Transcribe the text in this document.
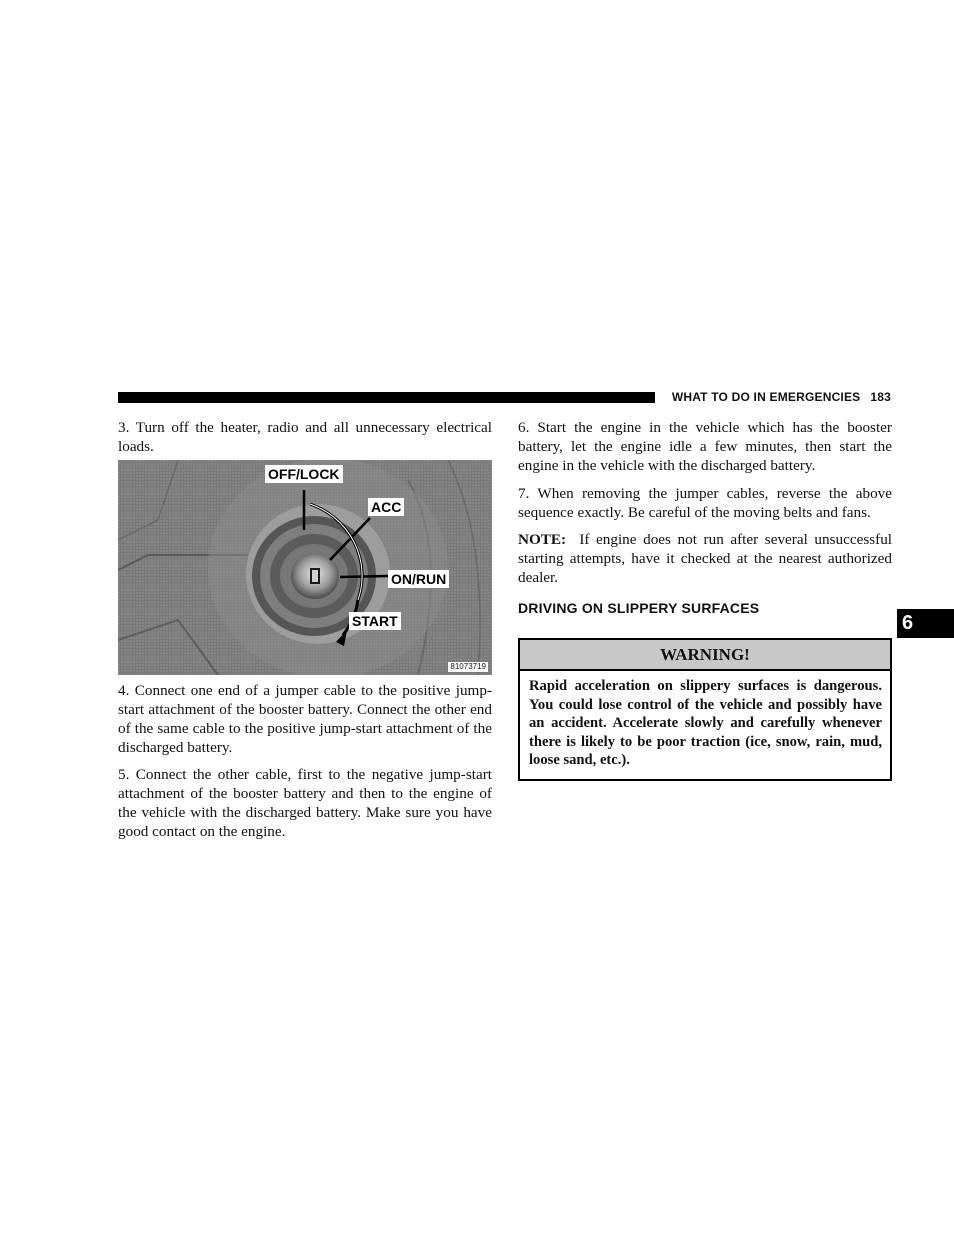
WHAT TO DO IN EMERGENCIES 183

3. Turn off the heater, radio and all unnecessary electrical loads.

OFF/LOCK
ACC
ON/RUN
START
81073719

4. Connect one end of a jumper cable to the positive jump-start attachment of the booster battery. Connect the other end of the same cable to the positive jump-start attachment of the discharged battery.

5. Connect the other cable, first to the negative jump-start attachment of the booster battery and then to the engine of the vehicle with the discharged battery. Make sure you have good contact on the engine.

6. Start the engine in the vehicle which has the booster battery, let the engine idle a few minutes, then start the engine in the vehicle with the discharged battery.

7. When removing the jumper cables, reverse the above sequence exactly. Be careful of the moving belts and fans.

NOTE: If engine does not run after several unsuccessful starting attempts, have it checked at the nearest authorized dealer.

DRIVING ON SLIPPERY SURFACES
6
WARNING!
Rapid acceleration on slippery surfaces is dangerous. You could lose control of the vehicle and possibly have an accident. Accelerate slowly and carefully whenever there is likely to be poor traction (ice, snow, rain, mud, loose sand, etc.).
